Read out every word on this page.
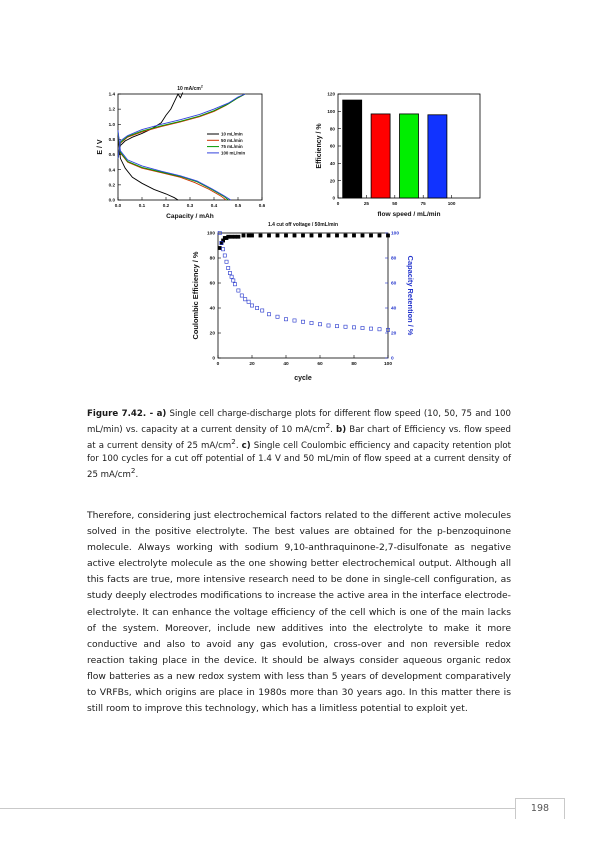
0.0	0.1	0.2	0.3	0.4	0.5	0.6
0.0
0.2
0.4
0.6
0.8
1.0
1.2
1.4
10 $mA/cm^2$
Capacity / mAh
E / V
10 mL/min
50 mL/min
75 mL/min
100 mL/min
0
20
40
60
80
100
120
0	25	50	75	100
flow speed / mL/min
Efficiency / %
1.4 cut off voltage / 50mL/min
0	20	40	60	80	100
0
20
40
60
80
100
0
20
40
60
80
100
cycle
Coulombic Efficiency / %	Capacity Retention / %
Figure 7.42. - a) Single cell charge-discharge plots for different flow speed (10, 50, 75 and 100 mL/min) vs. capacity at a current density of 10 $mA/cm^2$. b) Bar chart of Efficiency vs. flow speed at a current density of 25 $mA/cm^2$. c) Single cell Coulombic efficiency and capacity retention plot for 100 cycles for a cut off potential of 1.4 V and 50 mL/min of flow speed at a current density of 25 $mA/cm^2$.
Therefore, considering just electrochemical factors related to the different active molecules solved in the positive electrolyte. The best values are obtained for the p-benzoquinone molecule. Always working with sodium 9,10-anthraquinone-2,7-disulfonate as negative active electrolyte molecule as the one showing better electrochemical output. Although all this facts are true, more intensive research need to be done in single-cell configuration, as study deeply electrodes modifications to increase the active area in the interface electrode-electrolyte. It can enhance the voltage efficiency of the cell which is one of the main lacks of the system. Moreover, include new additives into the electrolyte to make it more conductive and also to avoid any gas evolution, cross-over and non reversible redox reaction taking place in the device. It should be always consider aqueous organic redox flow batteries as a new redox system with less than 5 years of development comparatively to VRFBs, which origins are place in 1980s more than 30 years ago. In this matter there is still room to improve this technology, which has a limitless potential to exploit yet.
198
